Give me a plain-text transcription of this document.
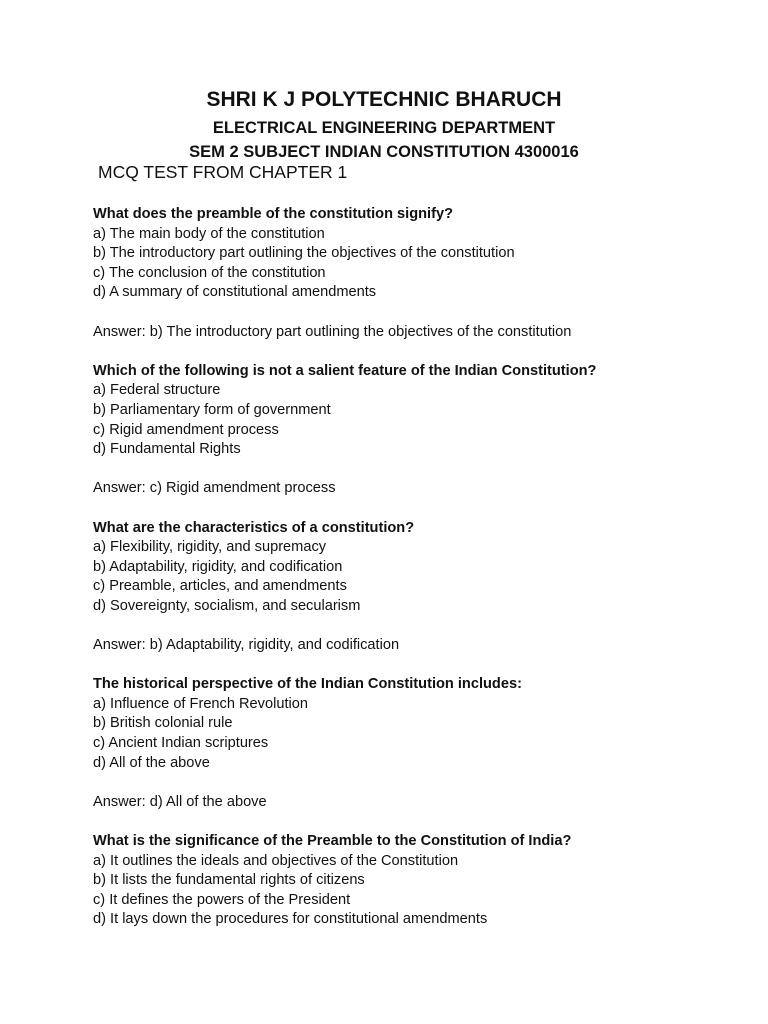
SHRI K J POLYTECHNIC BHARUCH
ELECTRICAL ENGINEERING DEPARTMENT
SEM 2 SUBJECT INDIAN CONSTITUTION 4300016
MCQ TEST FROM CHAPTER 1
What does the preamble of the constitution signify?
a) The main body of the constitution
b) The introductory part outlining the objectives of the constitution
c) The conclusion of the constitution
d) A summary of constitutional amendments
Answer: b) The introductory part outlining the objectives of the constitution
Which of the following is not a salient feature of the Indian Constitution?
a) Federal structure
b) Parliamentary form of government
c) Rigid amendment process
d) Fundamental Rights
Answer: c) Rigid amendment process
What are the characteristics of a constitution?
a) Flexibility, rigidity, and supremacy
b) Adaptability, rigidity, and codification
c) Preamble, articles, and amendments
d) Sovereignty, socialism, and secularism
Answer: b) Adaptability, rigidity, and codification
The historical perspective of the Indian Constitution includes:
a) Influence of French Revolution
b) British colonial rule
c) Ancient Indian scriptures
d) All of the above
Answer: d) All of the above
What is the significance of the Preamble to the Constitution of India?
a) It outlines the ideals and objectives of the Constitution
b) It lists the fundamental rights of citizens
c) It defines the powers of the President
d) It lays down the procedures for constitutional amendments
